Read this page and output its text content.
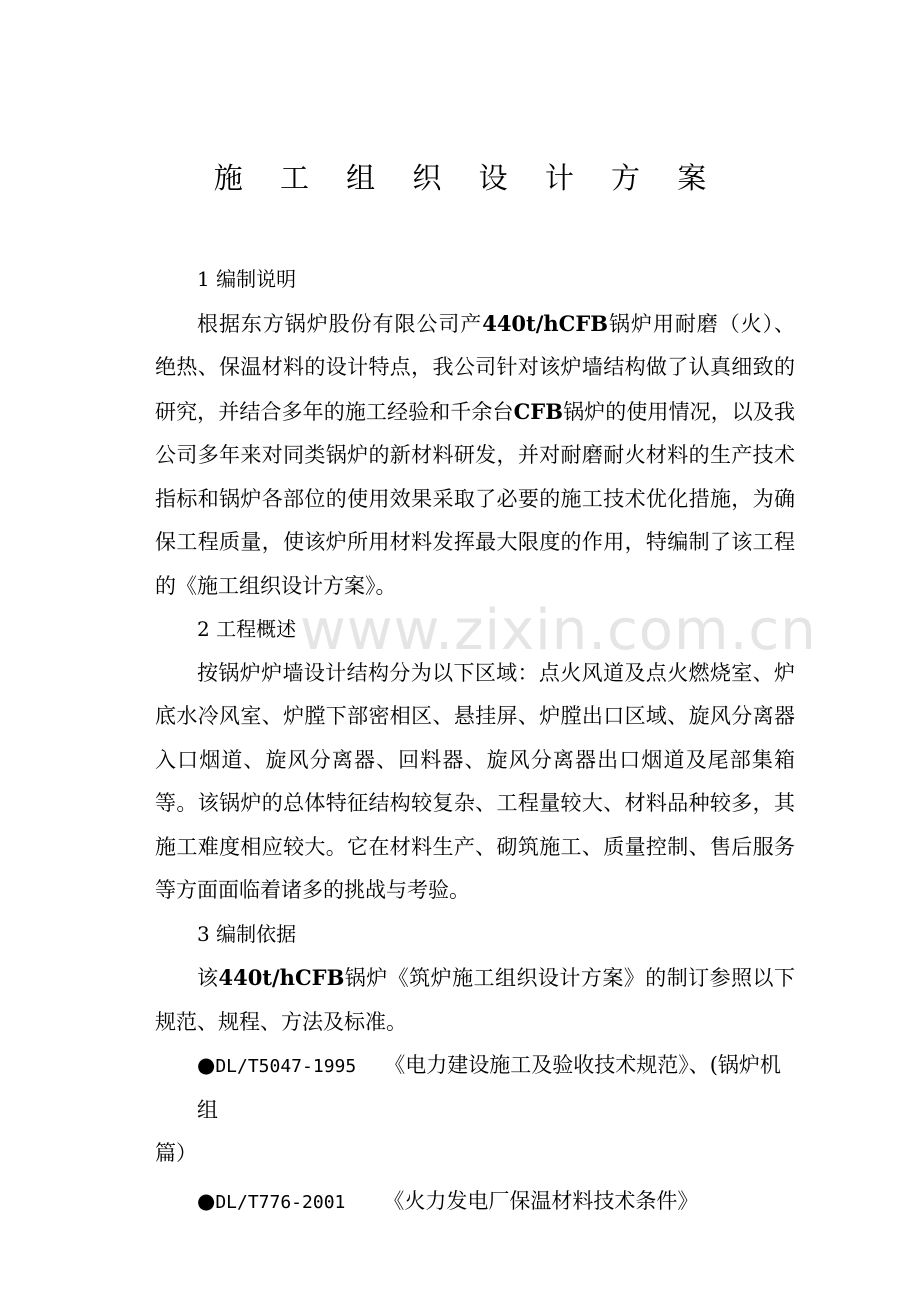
www.zixin.com.cn
施 工 组 织 设 计 方 案

1 编制说明

根据东方锅炉股份有限公司产440t/hCFB锅炉用耐磨（火）、绝热、保温材料的设计特点，我公司针对该炉墙结构做了认真细致的研究，并结合多年的施工经验和千余台CFB锅炉的使用情况，以及我公司多年来对同类锅炉的新材料研发，并对耐磨耐火材料的生产技术指标和锅炉各部位的使用效果采取了必要的施工技术优化措施，为确保工程质量，使该炉所用材料发挥最大限度的作用，特编制了该工程的《施工组织设计方案》。

2 工程概述

按锅炉炉墙设计结构分为以下区域：点火风道及点火燃烧室、炉底水冷风室、炉膛下部密相区、悬挂屏、炉膛出口区域、旋风分离器入口烟道、旋风分离器、回料器、旋风分离器出口烟道及尾部集箱等。该锅炉的总体特征结构较复杂、工程量较大、材料品种较多，其施工难度相应较大。它在材料生产、砌筑施工、质量控制、售后服务等方面面临着诸多的挑战与考验。

3 编制依据

该440t/hCFB锅炉《筑炉施工组织设计方案》的制订参照以下规范、规程、方法及标准。

●DL/T5047-1995 《电力建设施工及验收技术规范》、(锅炉机组

篇）

●DL/T776-2001 《火力发电厂保温材料技术条件》
